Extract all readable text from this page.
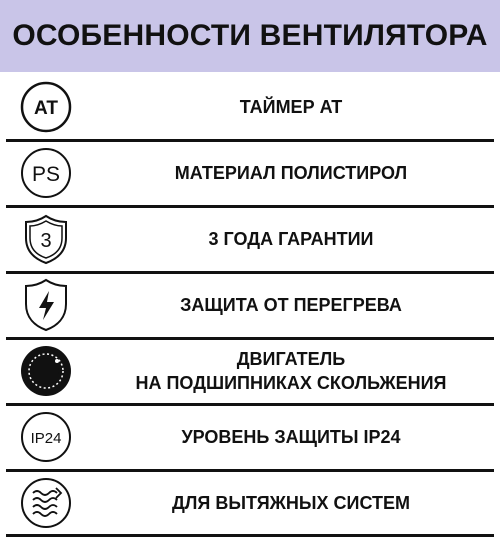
ОСОБЕННОСТИ ВЕНТИЛЯТОРА
AT	ТАЙМЕР AT
PS	МАТЕРИАЛ ПОЛИСТИРОЛ
3	3 ГОДА ГАРАНТИИ
ЗАЩИТА ОТ ПЕРЕГРЕВА
ДВИГАТЕЛЬ
НА ПОДШИПНИКАХ СКОЛЬЖЕНИЯ
IP24	УРОВЕНЬ ЗАЩИТЫ IP24
ДЛЯ ВЫТЯЖНЫХ СИСТЕМ
